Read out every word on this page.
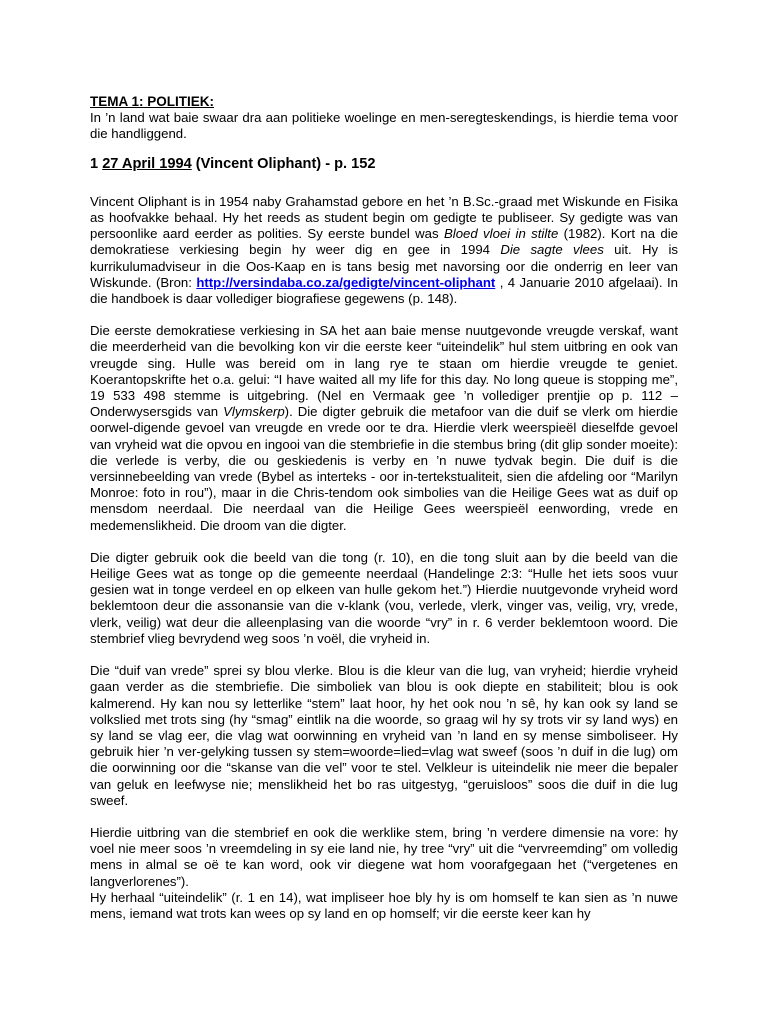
TEMA 1: POLITIEK:

In ’n land wat baie swaar dra aan politieke woelinge en men-seregteskendings, is hierdie tema voor die handliggend.

1 27 April 1994 (Vincent Oliphant) - p. 152

Vincent Oliphant is in 1954 naby Grahamstad gebore en het ’n B.Sc.-graad met Wiskunde en Fisika as hoofvakke behaal. Hy het reeds as student begin om gedigte te publiseer. Sy gedigte was van persoonlike aard eerder as polities. Sy eerste bundel was Bloed vloei in stilte (1982). Kort na die demokratiese verkiesing begin hy weer dig en gee in 1994 Die sagte vlees uit. Hy is kurrikulumadviseur in die Oos-Kaap en is tans besig met navorsing oor die onderrig en leer van Wiskunde. (Bron: http://versindaba.co.za/gedigte/vincent-oliphant , 4 Januarie 2010 afgelaai). In die handboek is daar vollediger biografiese gegewens (p. 148).

Die eerste demokratiese verkiesing in SA het aan baie mense nuutgevonde vreugde verskaf, want die meerderheid van die bevolking kon vir die eerste keer “uiteindelik” hul stem uitbring en ook van vreugde sing. Hulle was bereid om in lang rye te staan om hierdie vreugde te geniet. Koerantopskrifte het o.a. gelui: “I have waited all my life for this day. No long queue is stopping me”, 19 533 498 stemme is uitgebring. (Nel en Vermaak gee ’n vollediger prentjie op p. 112 – Onderwysersgids van Vlymskerp). Die digter gebruik die metafoor van die duif se vlerk om hierdie oorwel-digende gevoel van vreugde en vrede oor te dra. Hierdie vlerk weerspieël dieselfde gevoel van vryheid wat die opvou en ingooi van die stembriefie in die stembus bring (dit glip sonder moeite): die verlede is verby, die ou geskiedenis is verby en ’n nuwe tydvak begin. Die duif is die versinnebeelding van vrede (Bybel as interteks - oor in-tertekstualiteit, sien die afdeling oor “Marilyn Monroe: foto in rou”), maar in die Chris-tendom ook simbolies van die Heilige Gees wat as duif op mensdom neerdaal. Die neerdaal van die Heilige Gees weerspieël eenwording, vrede en medemenslikheid. Die droom van die digter.

Die digter gebruik ook die beeld van die tong (r. 10), en die tong sluit aan by die beeld van die Heilige Gees wat as tonge op die gemeente neerdaal (Handelinge 2:3: “Hulle het iets soos vuur gesien wat in tonge verdeel en op elkeen van hulle gekom het.”) Hierdie nuutgevonde vryheid word beklemtoon deur die assonansie van die v-klank (vou, verlede, vlerk, vinger vas, veilig, vry, vrede, vlerk, veilig) wat deur die alleenplasing van die woorde “vry” in r. 6 verder beklemtoon woord. Die stembrief vlieg bevrydend weg soos ’n voël, die vryheid in.

Die “duif van vrede” sprei sy blou vlerke. Blou is die kleur van die lug, van vryheid; hierdie vryheid gaan verder as die stembriefie. Die simboliek van blou is ook diepte en stabiliteit; blou is ook kalmerend. Hy kan nou sy letterlike “stem” laat hoor, hy het ook nou ’n sê, hy kan ook sy land se volkslied met trots sing (hy “smag” eintlik na die woorde, so graag wil hy sy trots vir sy land wys) en sy land se vlag eer, die vlag wat oorwinning en vryheid van ’n land en sy mense simboliseer. Hy gebruik hier ’n ver-gelyking tussen sy stem=woorde=lied=vlag wat sweef (soos ’n duif in die lug) om die oorwinning oor die “skanse van die vel” voor te stel. Velkleur is uiteindelik nie meer die bepaler van geluk en leefwyse nie; menslikheid het bo ras uitgestyg, “geruisloos” soos die duif in die lug sweef.

Hierdie uitbring van die stembrief en ook die werklike stem, bring ’n verdere dimensie na vore: hy voel nie meer soos ’n vreemdeling in sy eie land nie, hy tree “vry” uit die “vervreemding” om volledig mens in almal se oë te kan word, ook vir diegene wat hom voorafgegaan het (“vergetenes en langverlorenes”).

Hy herhaal “uiteindelik” (r. 1 en 14), wat impliseer hoe bly hy is om homself te kan sien as ’n nuwe mens, iemand wat trots kan wees op sy land en op homself; vir die eerste keer kan hy
